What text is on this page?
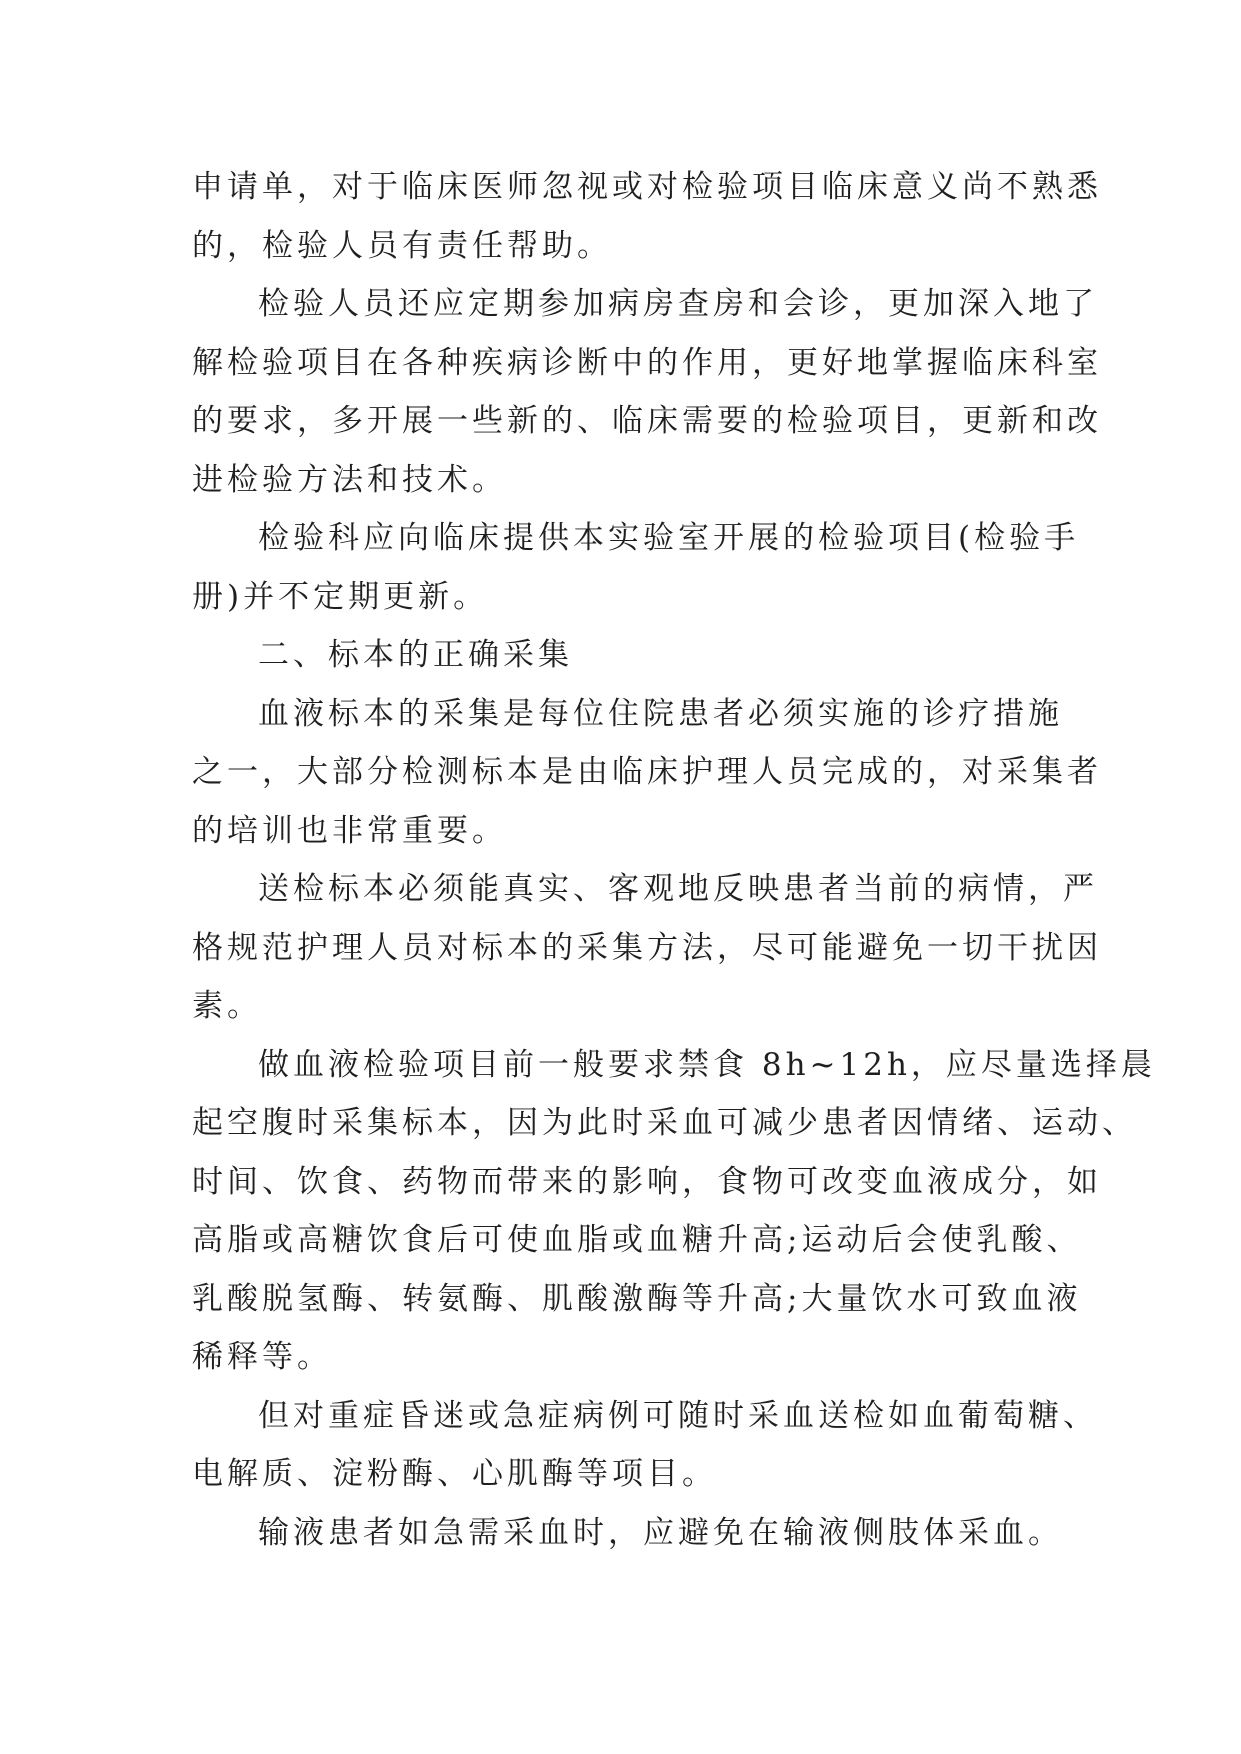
申请单，对于临床医师忽视或对检验项目临床意义尚不熟悉
的，检验人员有责任帮助。
检验人员还应定期参加病房查房和会诊，更加深入地了
解检验项目在各种疾病诊断中的作用，更好地掌握临床科室
的要求，多开展一些新的、临床需要的检验项目，更新和改
进检验方法和技术。
检验科应向临床提供本实验室开展的检验项目(检验手
册)并不定期更新。
二、标本的正确采集
血液标本的采集是每位住院患者必须实施的诊疗措施
之一，大部分检测标本是由临床护理人员完成的，对采集者
的培训也非常重要。
送检标本必须能真实、客观地反映患者当前的病情，严
格规范护理人员对标本的采集方法，尽可能避免一切干扰因
素。
做血液检验项目前一般要求禁食 8h~12h，应尽量选择晨
起空腹时采集标本，因为此时采血可减少患者因情绪、运动、
时间、饮食、药物而带来的影响，食物可改变血液成分，如
高脂或高糖饮食后可使血脂或血糖升高;运动后会使乳酸、
乳酸脱氢酶、转氨酶、肌酸激酶等升高;大量饮水可致血液
稀释等。
但对重症昏迷或急症病例可随时采血送检如血葡萄糖、
电解质、淀粉酶、心肌酶等项目。
输液患者如急需采血时，应避免在输液侧肢体采血。
